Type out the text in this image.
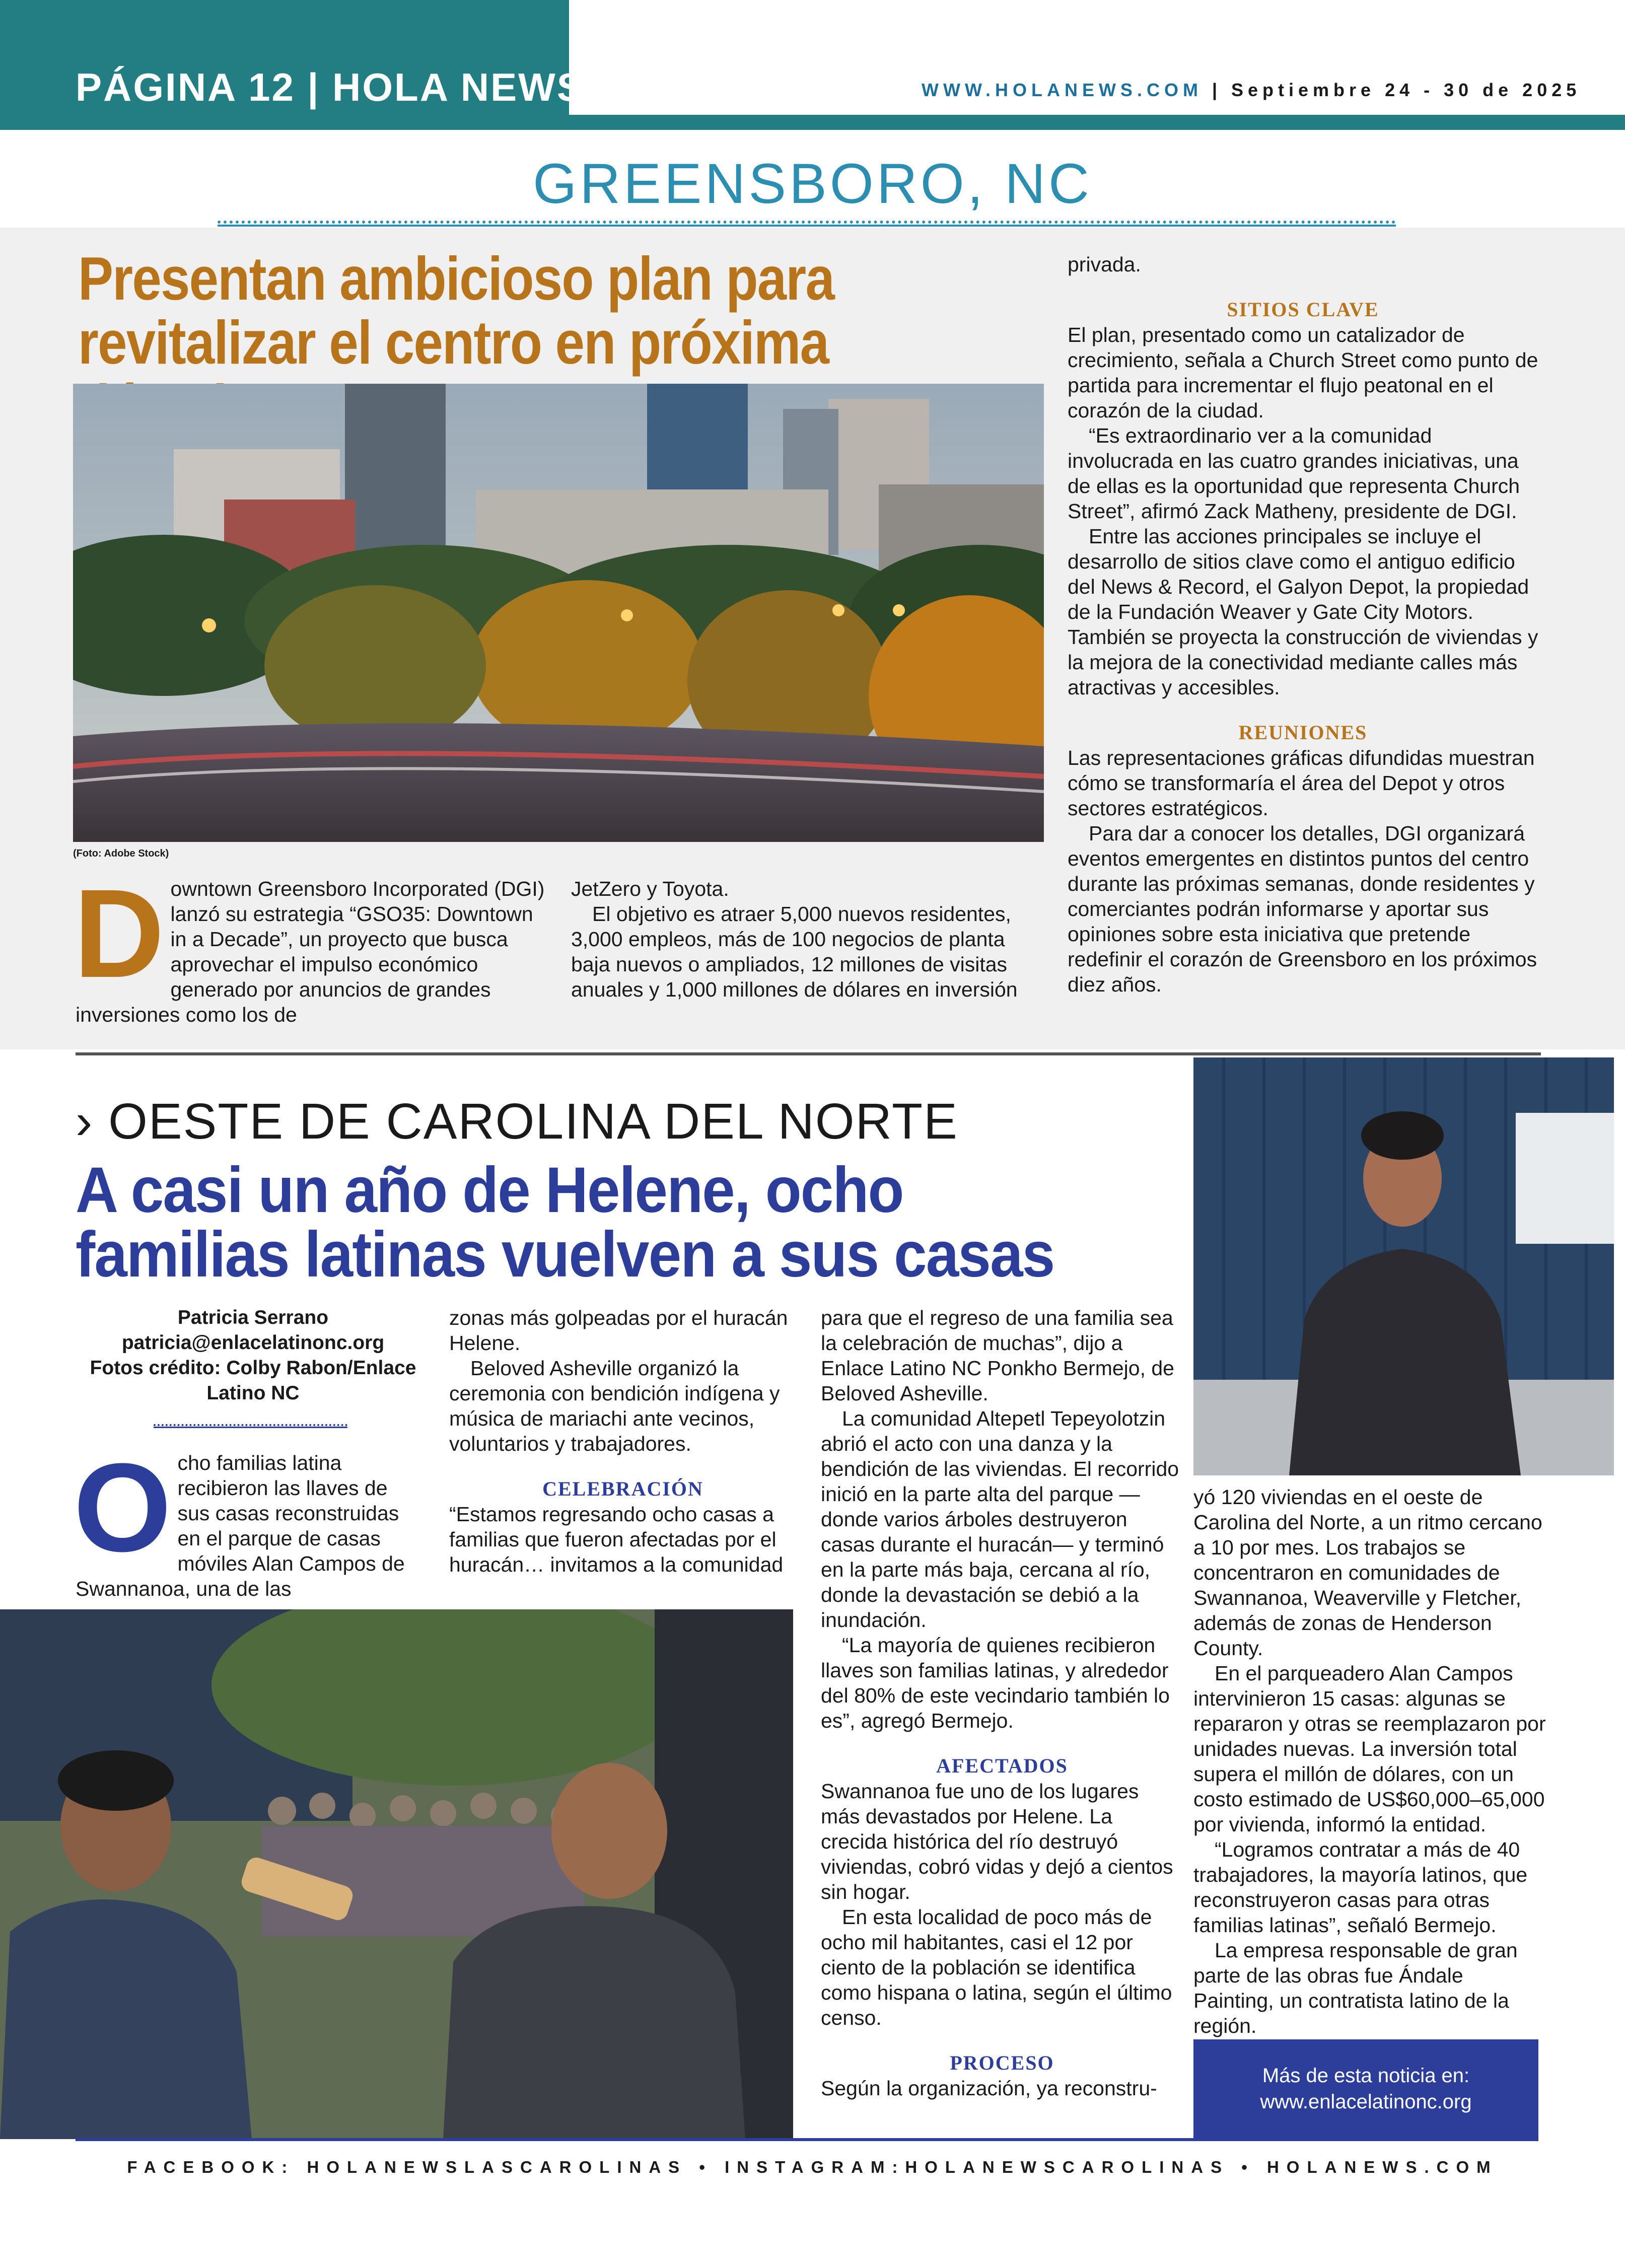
PÁGINA 12 | HOLA NEWS	WWW.HOLANEWS.COM | Septiembre 24 - 30 de 2025
GREENSBORO, NC
Presentan ambicioso plan para
revitalizar el centro en próxima
(Foto: Adobe Stock)
D owntown Greensboro Incorporated (DGI) lanzó su estrategia “GSO35: Downtown in a Decade”, un proyecto que busca aprovechar el impulso económico generado por anuncios de grandes inversiones como los de

JetZero y Toyota.

El objetivo es atraer 5,000 nuevos residentes, 3,000 empleos, más de 100 negocios de planta baja nuevos o ampliados, 12 millones de visitas anuales y 1,000 millones de dólares en inversión

privada.

SITIOS CLAVE

El plan, presentado como un catalizador de crecimiento, señala a Church Street como punto de partida para incrementar el flujo peatonal en el corazón de la ciudad.

“Es extraordinario ver a la comunidad involucrada en las cuatro grandes iniciativas, una de ellas es la oportunidad que representa Church Street”, afirmó Zack Matheny, presidente de DGI.

Entre las acciones principales se incluye el desarrollo de sitios clave como el antiguo edificio del News & Record, el Galyon Depot, la propiedad de la Fundación Weaver y Gate City Motors. También se proyecta la construcción de viviendas y la mejora de la conectividad mediante calles más atractivas y accesibles.

REUNIONES

Las representaciones gráficas difundidas muestran cómo se transformaría el área del Depot y otros sectores estratégicos.

Para dar a conocer los detalles, DGI organizará eventos emergentes en distintos puntos del centro durante las próximas semanas, donde residentes y comerciantes podrán informarse y aportar sus opiniones sobre esta iniciativa que pretende redefinir el corazón de Greensboro en los próximos diez años.

› OESTE DE CAROLINA DEL NORTE
A casi un año de Helene, ocho
familias latinas vuelven a sus casas
Patricia Serrano
patricia@enlacelatinonc.org
Fotos crédito: Colby Rabon/Enlace Latino NC
O cho familias latina recibieron las llaves de sus casas reconstruidas en el parque de casas móviles Alan Campos de Swannanoa, una de las

zonas más golpeadas por el huracán Helene.

Beloved Asheville organizó la ceremonia con bendición indígena y música de mariachi ante vecinos, voluntarios y trabajadores.

CELEBRACIÓN

“Estamos regresando ocho casas a familias que fueron afectadas por el huracán… invitamos a la comunidad

para que el regreso de una familia sea la celebración de muchas”, dijo a Enlace Latino NC Ponkho Bermejo, de Beloved Asheville.

La comunidad Altepetl Tepeyolotzin abrió el acto con una danza y la bendición de las viviendas. El recorrido inició en la parte alta del parque —donde varios árboles destruyeron casas durante el huracán— y terminó en la parte más baja, cercana al río, donde la devastación se debió a la inundación.

“La mayoría de quienes recibieron llaves son familias latinas, y alrededor del 80% de este vecindario también lo es”, agregó Bermejo.

AFECTADOS

Swannanoa fue uno de los lugares más devastados por Helene. La crecida histórica del río destruyó viviendas, cobró vidas y dejó a cientos sin hogar.

En esta localidad de poco más de ocho mil habitantes, casi el 12 por ciento de la población se identifica como hispana o latina, según el último censo.

PROCESO

Según la organización, ya reconstru-

yó 120 viviendas en el oeste de Carolina del Norte, a un ritmo cercano a 10 por mes. Los trabajos se concentraron en comunidades de Swannanoa, Weaverville y Fletcher, además de zonas de Henderson County.

En el parqueadero Alan Campos intervinieron 15 casas: algunas se repararon y otras se reemplazaron por unidades nuevas. La inversión total supera el millón de dólares, con un costo estimado de US$60,000–65,000 por vivienda, informó la entidad.

“Logramos contratar a más de 40 trabajadores, la mayoría latinos, que reconstruyeron casas para otras familias latinas”, señaló Bermejo.

La empresa responsable de gran parte de las obras fue Ándale Painting, un contratista latino de la región.

Más de esta noticia en:
www.enlacelatinonc.org
FACEBOOK: HOLANEWSLASCAROLINAS • INSTAGRAM:HOLANEWSCAROLINAS • HOLANEWS.COM
